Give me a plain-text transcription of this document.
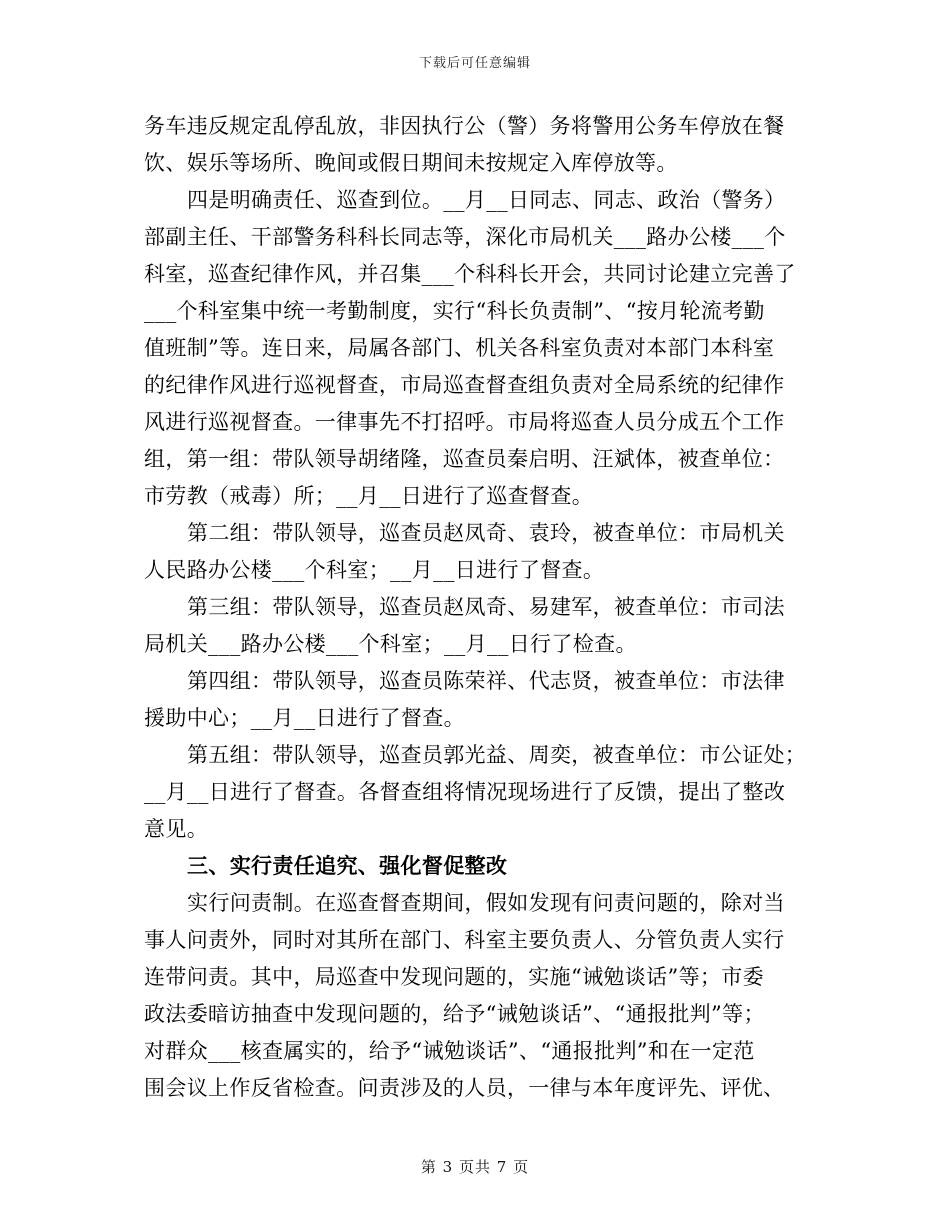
下载后可任意编辑
务车违反规定乱停乱放，非因执行公（警）务将警用公务车停放在餐
饮、娱乐等场所、晚间或假日期间未按规定入库停放等。
四是明确责任、巡查到位。__月__日同志、同志、政治（警务）
部副主任、干部警务科科长同志等，深化市局机关___路办公楼___个
科室，巡查纪律作风，并召集___个科科长开会，共同讨论建立完善了
___个科室集中统一考勤制度，实行“科长负责制”、“按月轮流考勤
值班制”等。连日来，局属各部门、机关各科室负责对本部门本科室
的纪律作风进行巡视督查，市局巡查督查组负责对全局系统的纪律作
风进行巡视督查。一律事先不打招呼。市局将巡查人员分成五个工作
组，第一组：带队领导胡绪隆，巡查员秦启明、汪斌体，被查单位：
市劳教（戒毒）所；__月__日进行了巡查督查。
第二组：带队领导，巡查员赵凤奇、袁玲，被查单位：市局机关
人民路办公楼___个科室；__月__日进行了督查。
第三组：带队领导，巡查员赵凤奇、易建军，被查单位：市司法
局机关___路办公楼___个科室；__月__日行了检查。
第四组：带队领导，巡查员陈荣祥、代志贤，被查单位：市法律
援助中心；__月__日进行了督查。
第五组：带队领导，巡查员郭光益、周奕，被查单位：市公证处；
__月__日进行了督查。各督查组将情况现场进行了反馈，提出了整改
意见。
三、实行责任追究、强化督促整改
实行问责制。在巡查督查期间，假如发现有问责问题的，除对当
事人问责外，同时对其所在部门、科室主要负责人、分管负责人实行
连带问责。其中，局巡查中发现问题的，实施“诫勉谈话”等；市委
政法委暗访抽查中发现问题的，给予“诫勉谈话”、“通报批判”等；
对群众___核查属实的，给予“诫勉谈话”、“通报批判”和在一定范
围会议上作反省检查。问责涉及的人员，一律与本年度评先、评优、
第 3 页共 7 页
